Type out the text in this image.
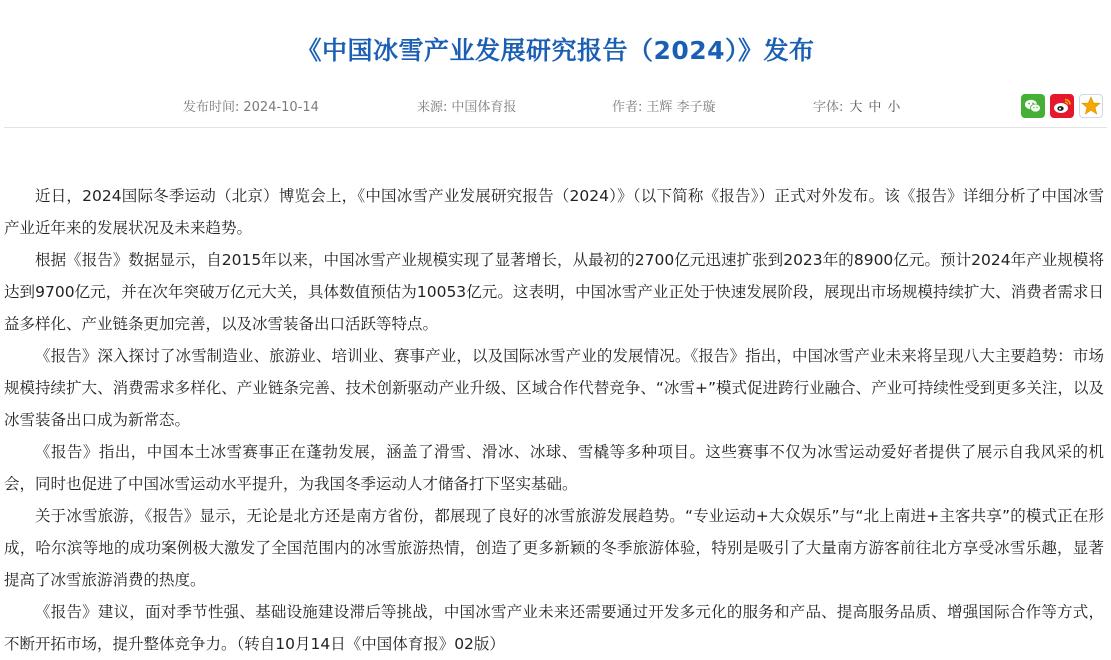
《中国冰雪产业发展研究报告（2024）》发布
发布时间: 2024-10-14	来源: 中国体育报	作者: 王辉 李子璇	字体: 大 中 小

近日，2024国际冬季运动（北京）博览会上，《中国冰雪产业发展研究报告（2024）》（以下简称《报告》）正式对外发布。该《报告》详细分析了中国冰雪产业近年来的发展状况及未来趋势。

根据《报告》数据显示，自2015年以来，中国冰雪产业规模实现了显著增长，从最初的2700亿元迅速扩张到2023年的8900亿元。预计2024年产业规模将达到9700亿元，并在次年突破万亿元大关，具体数值预估为10053亿元。这表明，中国冰雪产业正处于快速发展阶段，展现出市场规模持续扩大、消费者需求日益多样化、产业链条更加完善，以及冰雪装备出口活跃等特点。

《报告》深入探讨了冰雪制造业、旅游业、培训业、赛事产业，以及国际冰雪产业的发展情况。《报告》指出，中国冰雪产业未来将呈现八大主要趋势：市场规模持续扩大、消费需求多样化、产业链条完善、技术创新驱动产业升级、区域合作代替竞争、“冰雪+”模式促进跨行业融合、产业可持续性受到更多关注，以及冰雪装备出口成为新常态。

《报告》指出，中国本土冰雪赛事正在蓬勃发展，涵盖了滑雪、滑冰、冰球、雪橇等多种项目。这些赛事不仅为冰雪运动爱好者提供了展示自我风采的机会，同时也促进了中国冰雪运动水平提升，为我国冬季运动人才储备打下坚实基础。

关于冰雪旅游，《报告》显示，无论是北方还是南方省份，都展现了良好的冰雪旅游发展趋势。“专业运动+大众娱乐”与“北上南进+主客共享”的模式正在形成，哈尔滨等地的成功案例极大激发了全国范围内的冰雪旅游热情，创造了更多新颖的冬季旅游体验，特别是吸引了大量南方游客前往北方享受冰雪乐趣，显著提高了冰雪旅游消费的热度。

《报告》建议，面对季节性强、基础设施建设滞后等挑战，中国冰雪产业未来还需要通过开发多元化的服务和产品、提高服务品质、增强国际合作等方式，不断开拓市场，提升整体竞争力。（转自10月14日《中国体育报》02版）
